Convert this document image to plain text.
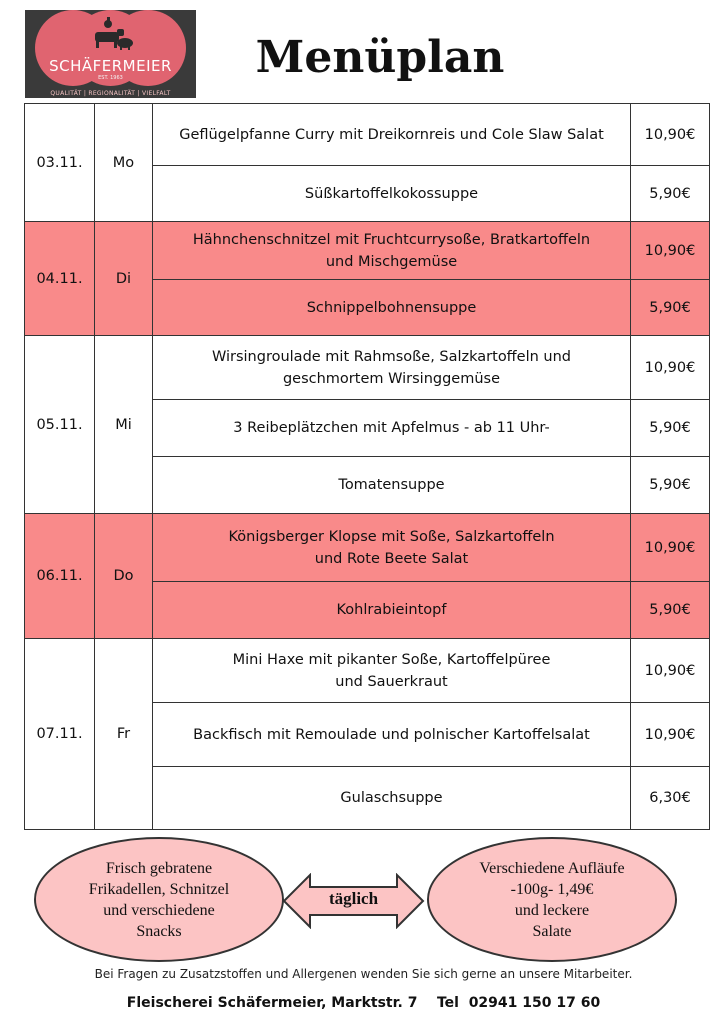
SCHÄFERMEIER
EST. 1963
QUALITÄT | REGIONALITÄT | VIELFALT
Menüplan
03.11.	Mo	Geflügelpfanne Curry mit Dreikornreis und Cole Slaw Salat	10,90€

		Süßkartoffelkokossuppe	5,90€
04.11.	Di	Hähnchenschnitzel mit Fruchtcurrysoße, Bratkartoffeln
und Mischgemüse	10,90€

		Schnippelbohnensuppe	5,90€
05.11.	Mi	Wirsingroulade mit Rahmsoße, Salzkartoffeln und
geschmortem Wirsinggemüse	10,90€

		3 Reibeplätzchen mit Apfelmus - ab 11 Uhr-	5,90€

		Tomatensuppe	5,90€
06.11.	Do	Königsberger Klopse mit Soße, Salzkartoffeln
und Rote Beete Salat	10,90€

		Kohlrabieintopf	5,90€
07.11.	Fr	Mini Haxe mit pikanter Soße, Kartoffelpüree
und Sauerkraut	10,90€

		Backfisch mit Remoulade und polnischer Kartoffelsalat	10,90€

		Gulaschsuppe	6,30€
Frisch gebratene
Frikadellen, Schnitzel
und verschiedene
Snacks
täglich
Verschiedene Aufläufe
-100g- 1,49€
und leckere
Salate
Bei Fragen zu Zusatzstoffen und Allergenen wenden Sie sich gerne an unsere Mitarbeiter.
Fleischerei Schäfermeier, Marktstr. 7    Tel  02941 150 17 60
